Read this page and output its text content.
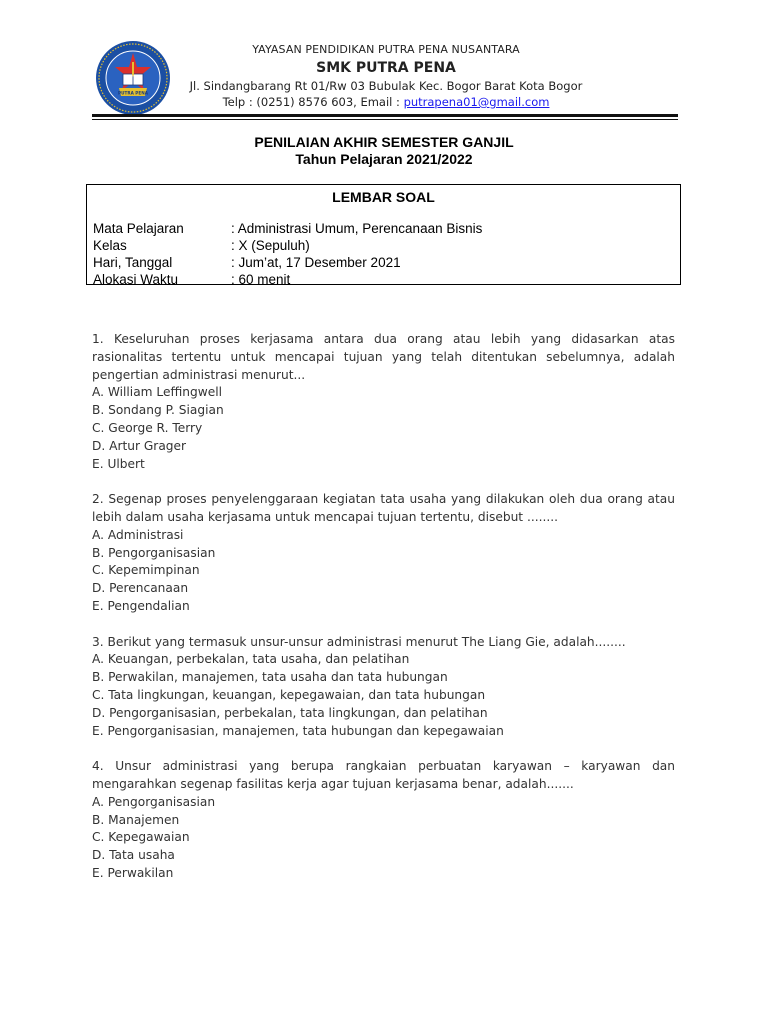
PUTRA PENA
YAYASAN PENDIDIKAN PUTRA PENA NUSANTARA
SMK PUTRA PENA
Jl. Sindangbarang Rt 01/Rw 03 Bubulak Kec. Bogor Barat Kota Bogor
Telp : (0251) 8576 603, Email : putrapena01@gmail.com
PENILAIAN AKHIR SEMESTER GANJIL
Tahun Pelajaran 2021/2022
LEMBAR SOAL
Mata Pelajaran	: Administrasi Umum, Perencanaan Bisnis
Kelas	: X (Sepuluh)
Hari, Tanggal	: Jum’at, 17 Desember 2021
Alokasi Waktu	: 60 menit
1. Keseluruhan proses kerjasama antara dua orang atau lebih yang didasarkan atas rasionalitas tertentu untuk mencapai tujuan yang telah ditentukan sebelumnya, adalah pengertian administrasi menurut...
A. William Leffingwell
B. Sondang P. Siagian
C. George R. Terry
D. Artur Grager
E. Ulbert
2. Segenap proses penyelenggaraan kegiatan tata usaha yang dilakukan oleh dua orang atau lebih dalam usaha kerjasama untuk mencapai tujuan tertentu, disebut ........
A. Administrasi
B. Pengorganisasian
C. Kepemimpinan
D. Perencanaan
E. Pengendalian
3. Berikut yang termasuk unsur-unsur administrasi menurut The Liang Gie, adalah........
A. Keuangan, perbekalan, tata usaha, dan pelatihan
B. Perwakilan, manajemen, tata usaha dan tata hubungan
C. Tata lingkungan, keuangan, kepegawaian, dan tata hubungan
D. Pengorganisasian, perbekalan, tata lingkungan, dan pelatihan
E. Pengorganisasian, manajemen, tata hubungan dan kepegawaian
4. Unsur administrasi yang berupa rangkaian perbuatan karyawan – karyawan dan mengarahkan segenap fasilitas kerja agar tujuan kerjasama benar, adalah.......
A. Pengorganisasian
B. Manajemen
C. Kepegawaian
D. Tata usaha
E. Perwakilan
